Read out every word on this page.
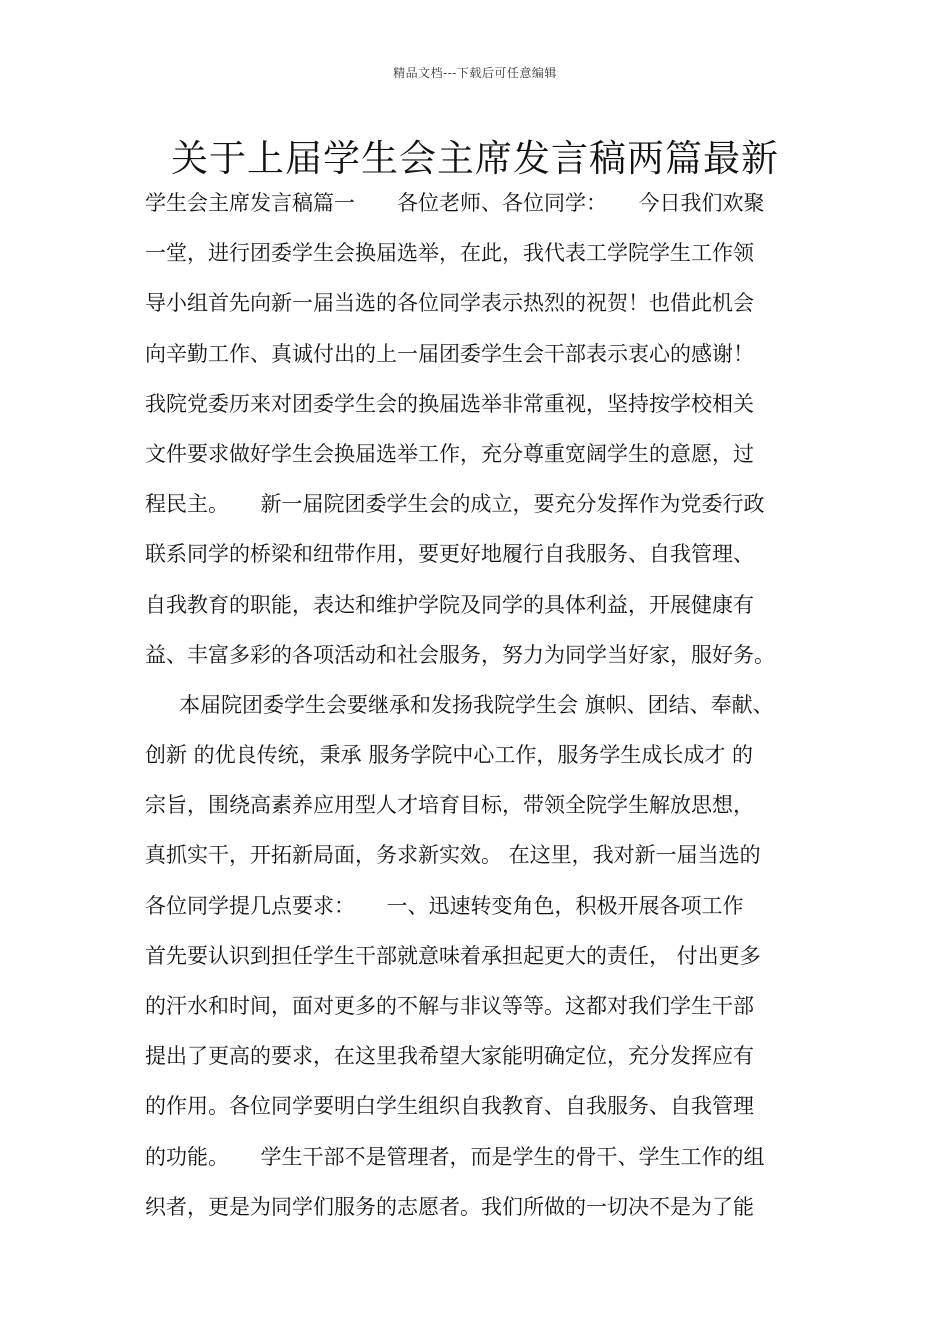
精品文档---下载后可任意编辑
关于上届学生会主席发言稿两篇最新
学生会主席发言稿篇一　　各位老师、各位同学：　　今日我们欢聚
一堂，进行团委学生会换届选举，在此，我代表工学院学生工作领
导小组首先向新一届当选的各位同学表示热烈的祝贺！也借此机会
向辛勤工作、真诚付出的上一届团委学生会干部表示衷心的感谢！
我院党委历来对团委学生会的换届选举非常重视，坚持按学校相关
文件要求做好学生会换届选举工作，充分尊重宽阔学生的意愿，过
程民主。　　新一届院团委学生会的成立，要充分发挥作为党委行政
联系同学的桥梁和纽带作用，要更好地履行自我服务、自我管理、
自我教育的职能，表达和维护学院及同学的具体利益，开展健康有
益、丰富多彩的各项活动和社会服务，努力为同学当好家，服好务。
本届院团委学生会要继承和发扬我院学生会 旗帜、团结、奉献、
创新 的优良传统，秉承 服务学院中心工作，服务学生成长成才 的
宗旨，围绕高素养应用型人才培育目标，带领全院学生解放思想，
真抓实干，开拓新局面，务求新实效。 在这里，我对新一届当选的
各位同学提几点要求：　　一、迅速转变角色，积极开展各项工作
首先要认识到担任学生干部就意味着承担起更大的责任， 付出更多
的汗水和时间，面对更多的不解与非议等等。这都对我们学生干部
提出了更高的要求，在这里我希望大家能明确定位，充分发挥应有
的作用。各位同学要明白学生组织自我教育、自我服务、自我管理
的功能。　　学生干部不是管理者，而是学生的骨干、学生工作的组
织者，更是为同学们服务的志愿者。我们所做的一切决不是为了能
